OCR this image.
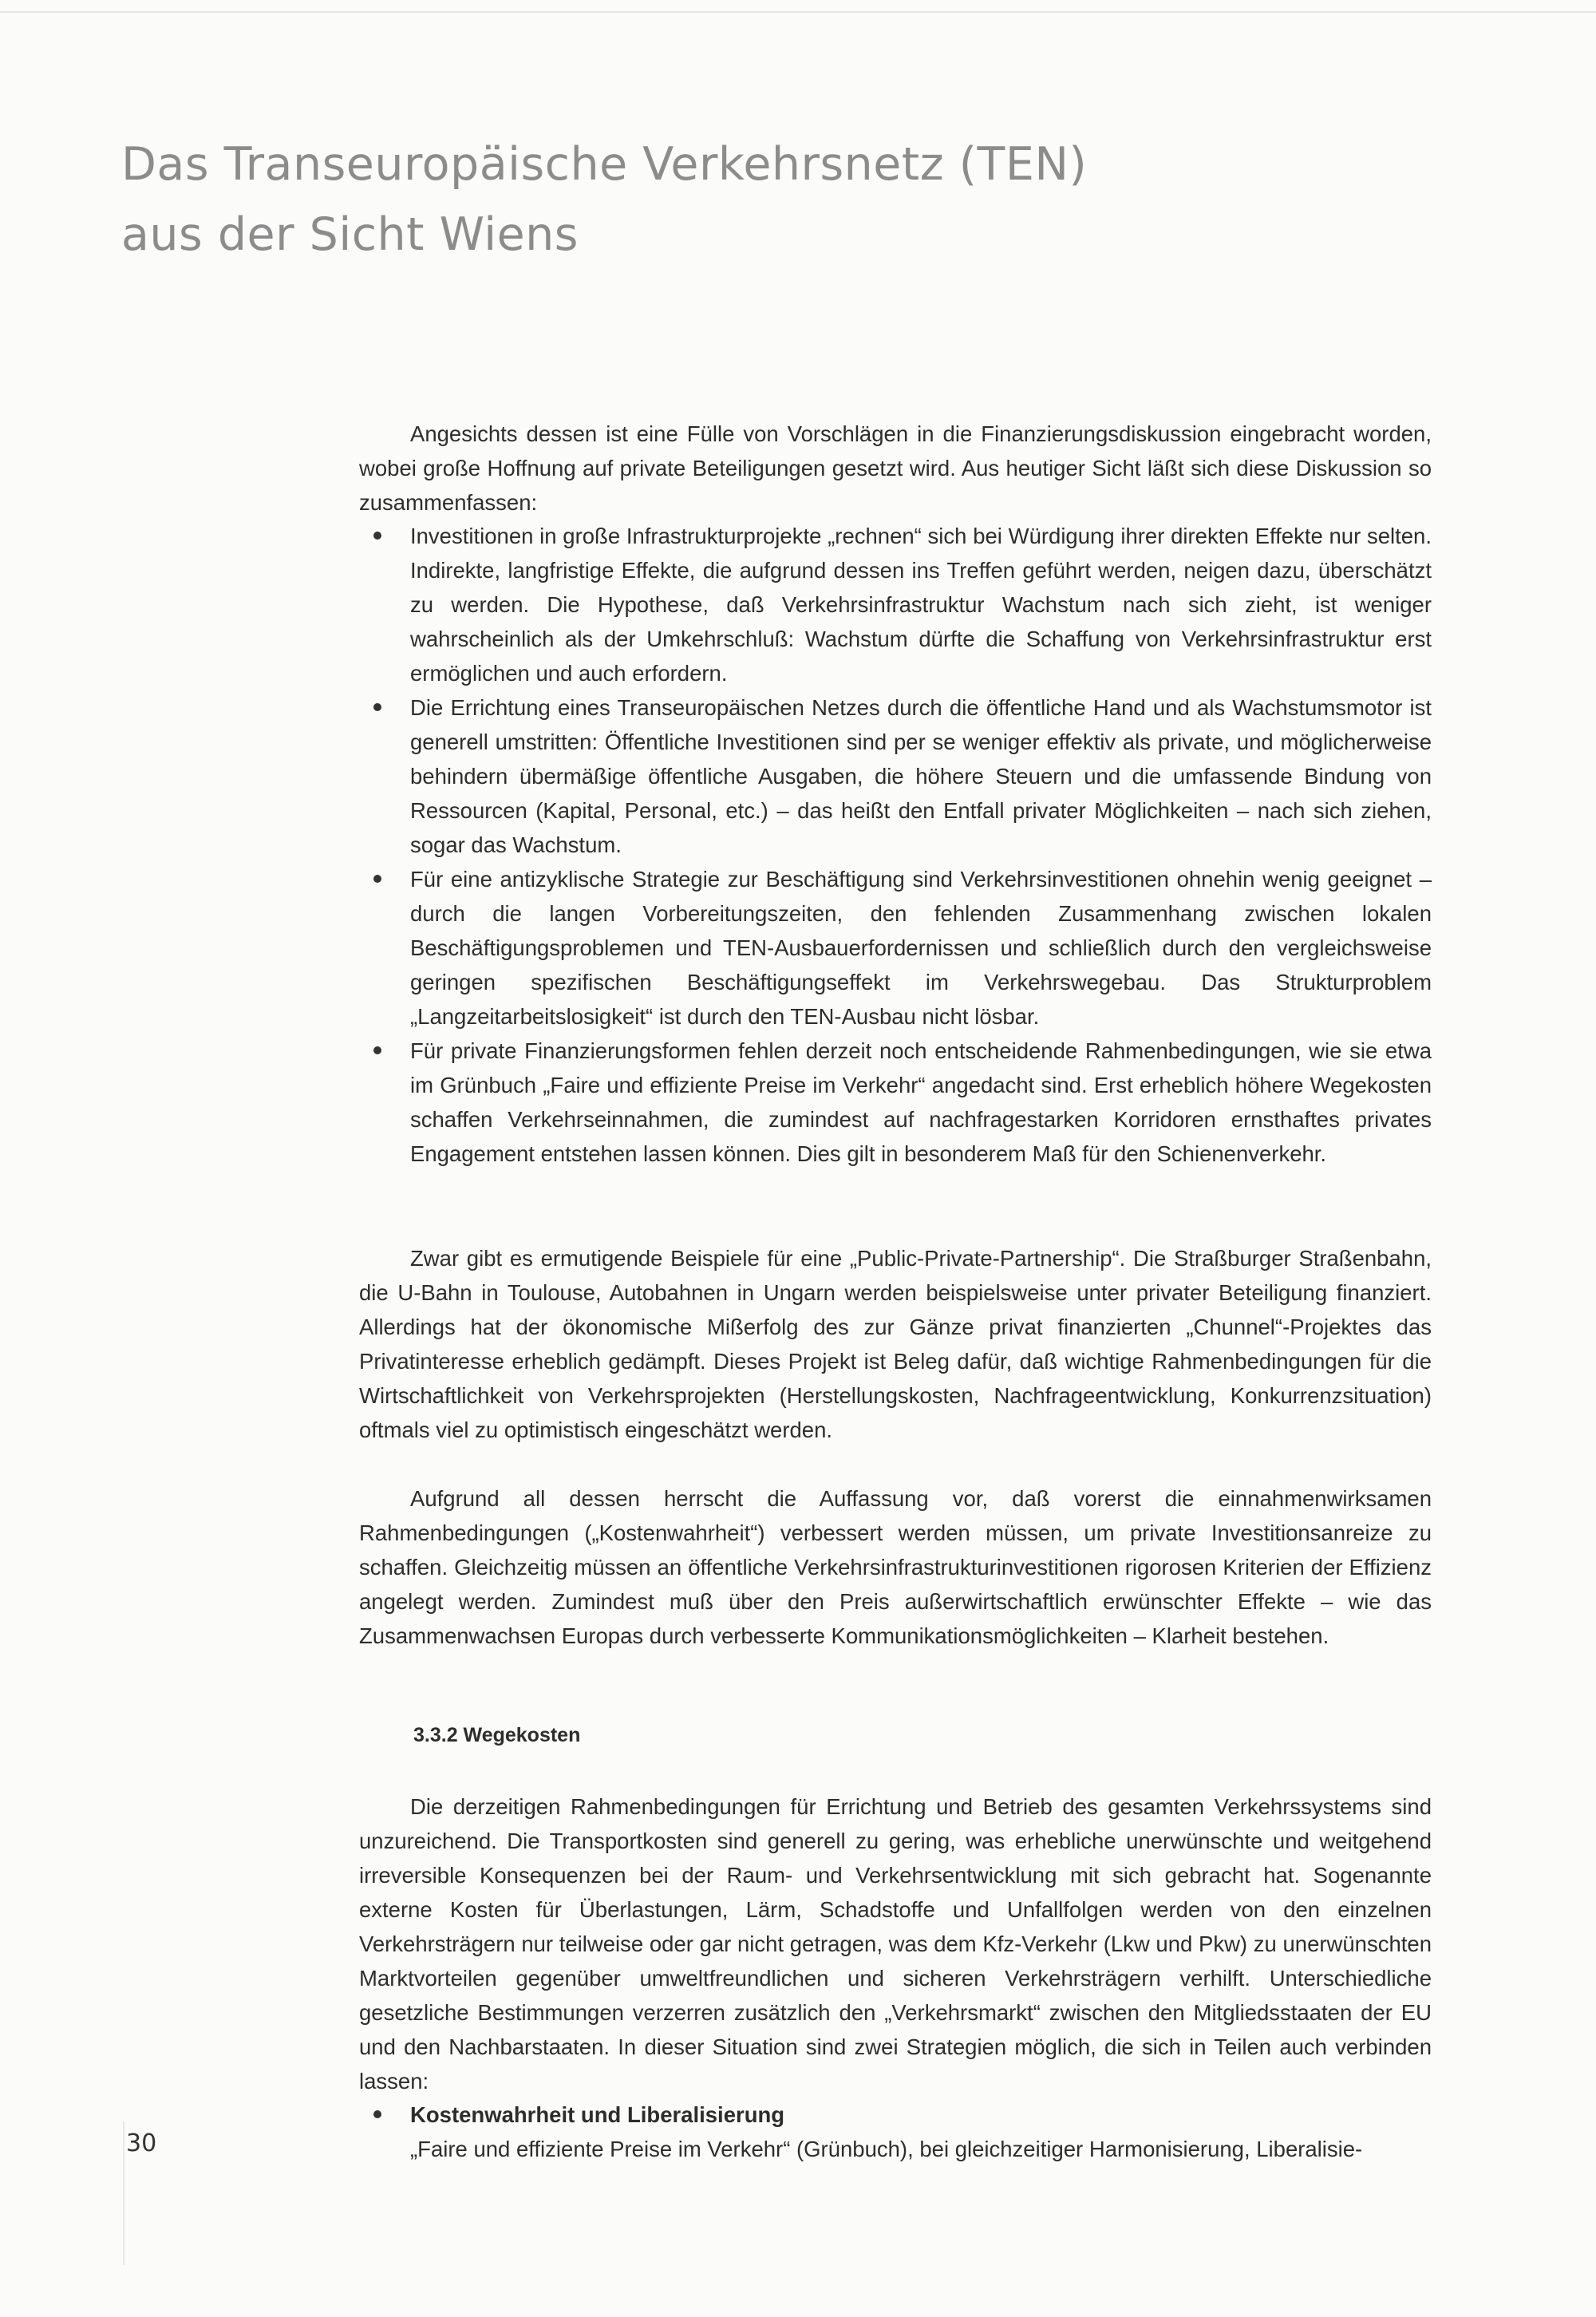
Das Transeuropäische Verkehrsnetz (TEN)
aus der Sicht Wiens

Angesichts dessen ist eine Fülle von Vorschlägen in die Finanzierungsdiskussion eingebracht worden, wobei große Hoffnung auf private Beteiligungen gesetzt wird. Aus heutiger Sicht läßt sich diese Diskussion so zusammenfassen:

Investitionen in große Infrastrukturprojekte „rechnen“ sich bei Würdigung ihrer direkten Effekte nur selten. Indirekte, langfristige Effekte, die aufgrund dessen ins Treffen geführt werden, neigen dazu, überschätzt zu werden. Die Hypothese, daß Verkehrsinfrastruktur Wachstum nach sich zieht, ist weniger wahrscheinlich als der Umkehrschluß: Wachstum dürfte die Schaffung von Verkehrsinfrastruktur erst ermöglichen und auch erfordern.
Die Errichtung eines Transeuropäischen Netzes durch die öffentliche Hand und als Wachstumsmotor ist generell umstritten: Öffentliche Investitionen sind per se weniger effektiv als private, und möglicherweise behindern übermäßige öffentliche Ausgaben, die höhere Steuern und die umfassende Bindung von Ressourcen (Kapital, Personal, etc.) – das heißt den Entfall privater Möglichkeiten – nach sich ziehen, sogar das Wachstum.
Für eine antizyklische Strategie zur Beschäftigung sind Verkehrsinvestitionen ohnehin wenig geeignet – durch die langen Vorbereitungszeiten, den fehlenden Zusammenhang zwischen lokalen Beschäftigungsproblemen und TEN-Ausbauerfordernissen und schließlich durch den vergleichsweise geringen spezifischen Beschäftigungseffekt im Verkehrswegebau. Das Strukturproblem „Langzeitarbeitslosigkeit“ ist durch den TEN-Ausbau nicht lösbar.
Für private Finanzierungsformen fehlen derzeit noch entscheidende Rahmenbedingungen, wie sie etwa im Grünbuch „Faire und effiziente Preise im Verkehr“ angedacht sind. Erst erheblich höhere Wegekosten schaffen Verkehrseinnahmen, die zumindest auf nachfragestarken Korridoren ernsthaftes privates Engagement entstehen lassen können. Dies gilt in besonderem Maß für den Schienenverkehr.

Zwar gibt es ermutigende Beispiele für eine „Public-Private-Partnership“. Die Straßburger Straßenbahn, die U-Bahn in Toulouse, Autobahnen in Ungarn werden beispielsweise unter privater Beteiligung finanziert. Allerdings hat der ökonomische Mißerfolg des zur Gänze privat finanzierten „Chunnel“-Projektes das Privatinteresse erheblich gedämpft. Dieses Projekt ist Beleg dafür, daß wichtige Rahmenbedingungen für die Wirtschaftlichkeit von Verkehrsprojekten (Herstellungskosten, Nachfrageentwicklung, Konkurrenzsituation) oftmals viel zu optimistisch eingeschätzt werden.

Aufgrund all dessen herrscht die Auffassung vor, daß vorerst die einnahmenwirksamen Rahmenbedingungen („Kostenwahrheit“) verbessert werden müssen, um private Investitionsanreize zu schaffen. Gleichzeitig müssen an öffentliche Verkehrsinfrastrukturinvestitionen rigorosen Kriterien der Effizienz angelegt werden. Zumindest muß über den Preis außerwirtschaftlich erwünschter Effekte – wie das Zusammenwachsen Europas durch verbesserte Kommunikationsmöglichkeiten – Klarheit bestehen.

3.3.2 Wegekosten

Die derzeitigen Rahmenbedingungen für Errichtung und Betrieb des gesamten Verkehrssystems sind unzureichend. Die Transportkosten sind generell zu gering, was erhebliche unerwünschte und weitgehend irreversible Konsequenzen bei der Raum- und Verkehrsentwicklung mit sich gebracht hat. Sogenannte externe Kosten für Überlastungen, Lärm, Schadstoffe und Unfallfolgen werden von den einzelnen Verkehrsträgern nur teilweise oder gar nicht getragen, was dem Kfz-Verkehr (Lkw und Pkw) zu unerwünschten Marktvorteilen gegenüber umweltfreundlichen und sicheren Verkehrsträgern verhilft. Unterschiedliche gesetzliche Bestimmungen verzerren zusätzlich den „Verkehrsmarkt“ zwischen den Mitgliedsstaaten der EU und den Nachbarstaaten. In dieser Situation sind zwei Strategien möglich, die sich in Teilen auch verbinden lassen:

Kostenwahrheit und Liberalisierung
„Faire und effiziente Preise im Verkehr“ (Grünbuch), bei gleichzeitiger Harmonisierung, Liberalisie-
30
